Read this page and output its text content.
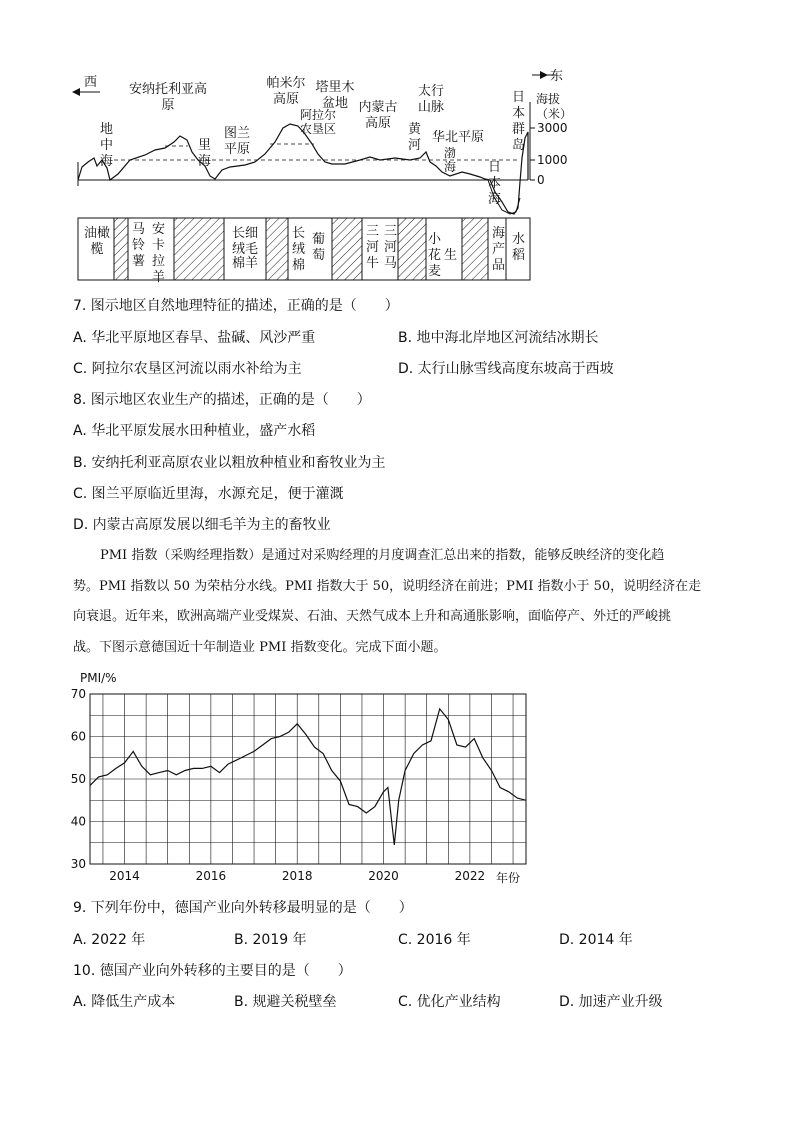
西	东
3000
1000
0
地中海
安纳托利亚高原
里海
图兰平原
帕米尔高原
阿拉尔农垦区
塔里木盆地 内蒙古高原	黄河
太行山脉
华北平原
渤海	日本海
日本群岛
海拔（米）
油橄榄
马铃薯
安卡拉羊
长细绒毛
棉羊
长绒棉
葡萄
三河牛
三河马
小花麦
生
海产品
水稻
7. 图示地区自然地理特征的描述，正确的是（　　）
A. 华北平原地区春旱、盐碱、风沙严重	B. 地中海北岸地区河流结冰期长
C. 阿拉尔农垦区河流以雨水补给为主	D. 太行山脉雪线高度东坡高于西坡
8. 图示地区农业生产的描述，正确的是（　　）
A. 华北平原发展水田种植业，盛产水稻
B. 安纳托利亚高原农业以粗放种植业和畜牧业为主
C. 图兰平原临近里海，水源充足，便于灌溉
D. 内蒙古高原发展以细毛羊为主的畜牧业
PMI 指数（采购经理指数）是通过对采购经理的月度调查汇总出来的指数，能够反映经济的变化趋
势。PMI 指数以 50 为荣枯分水线。PMI 指数大于 50，说明经济在前进；PMI 指数小于 50，说明经济在走
向衰退。近年来，欧洲高端产业受煤炭、石油、天然气成本上升和高通胀影响，面临停产、外迁的严峻挑
战。下图示意德国近十年制造业 PMI 指数变化。完成下面小题。
PMI/%
70
60
50
40
30
2014	2016	2018	2020	2022 年份
9. 下列年份中，德国产业向外转移最明显的是（　　）
A. 2022 年	B. 2019 年	C. 2016 年	D. 2014 年
10. 德国产业向外转移的主要目的是（　　）
A. 降低生产成本	B. 规避关税壁垒	C. 优化产业结构	D. 加速产业升级
